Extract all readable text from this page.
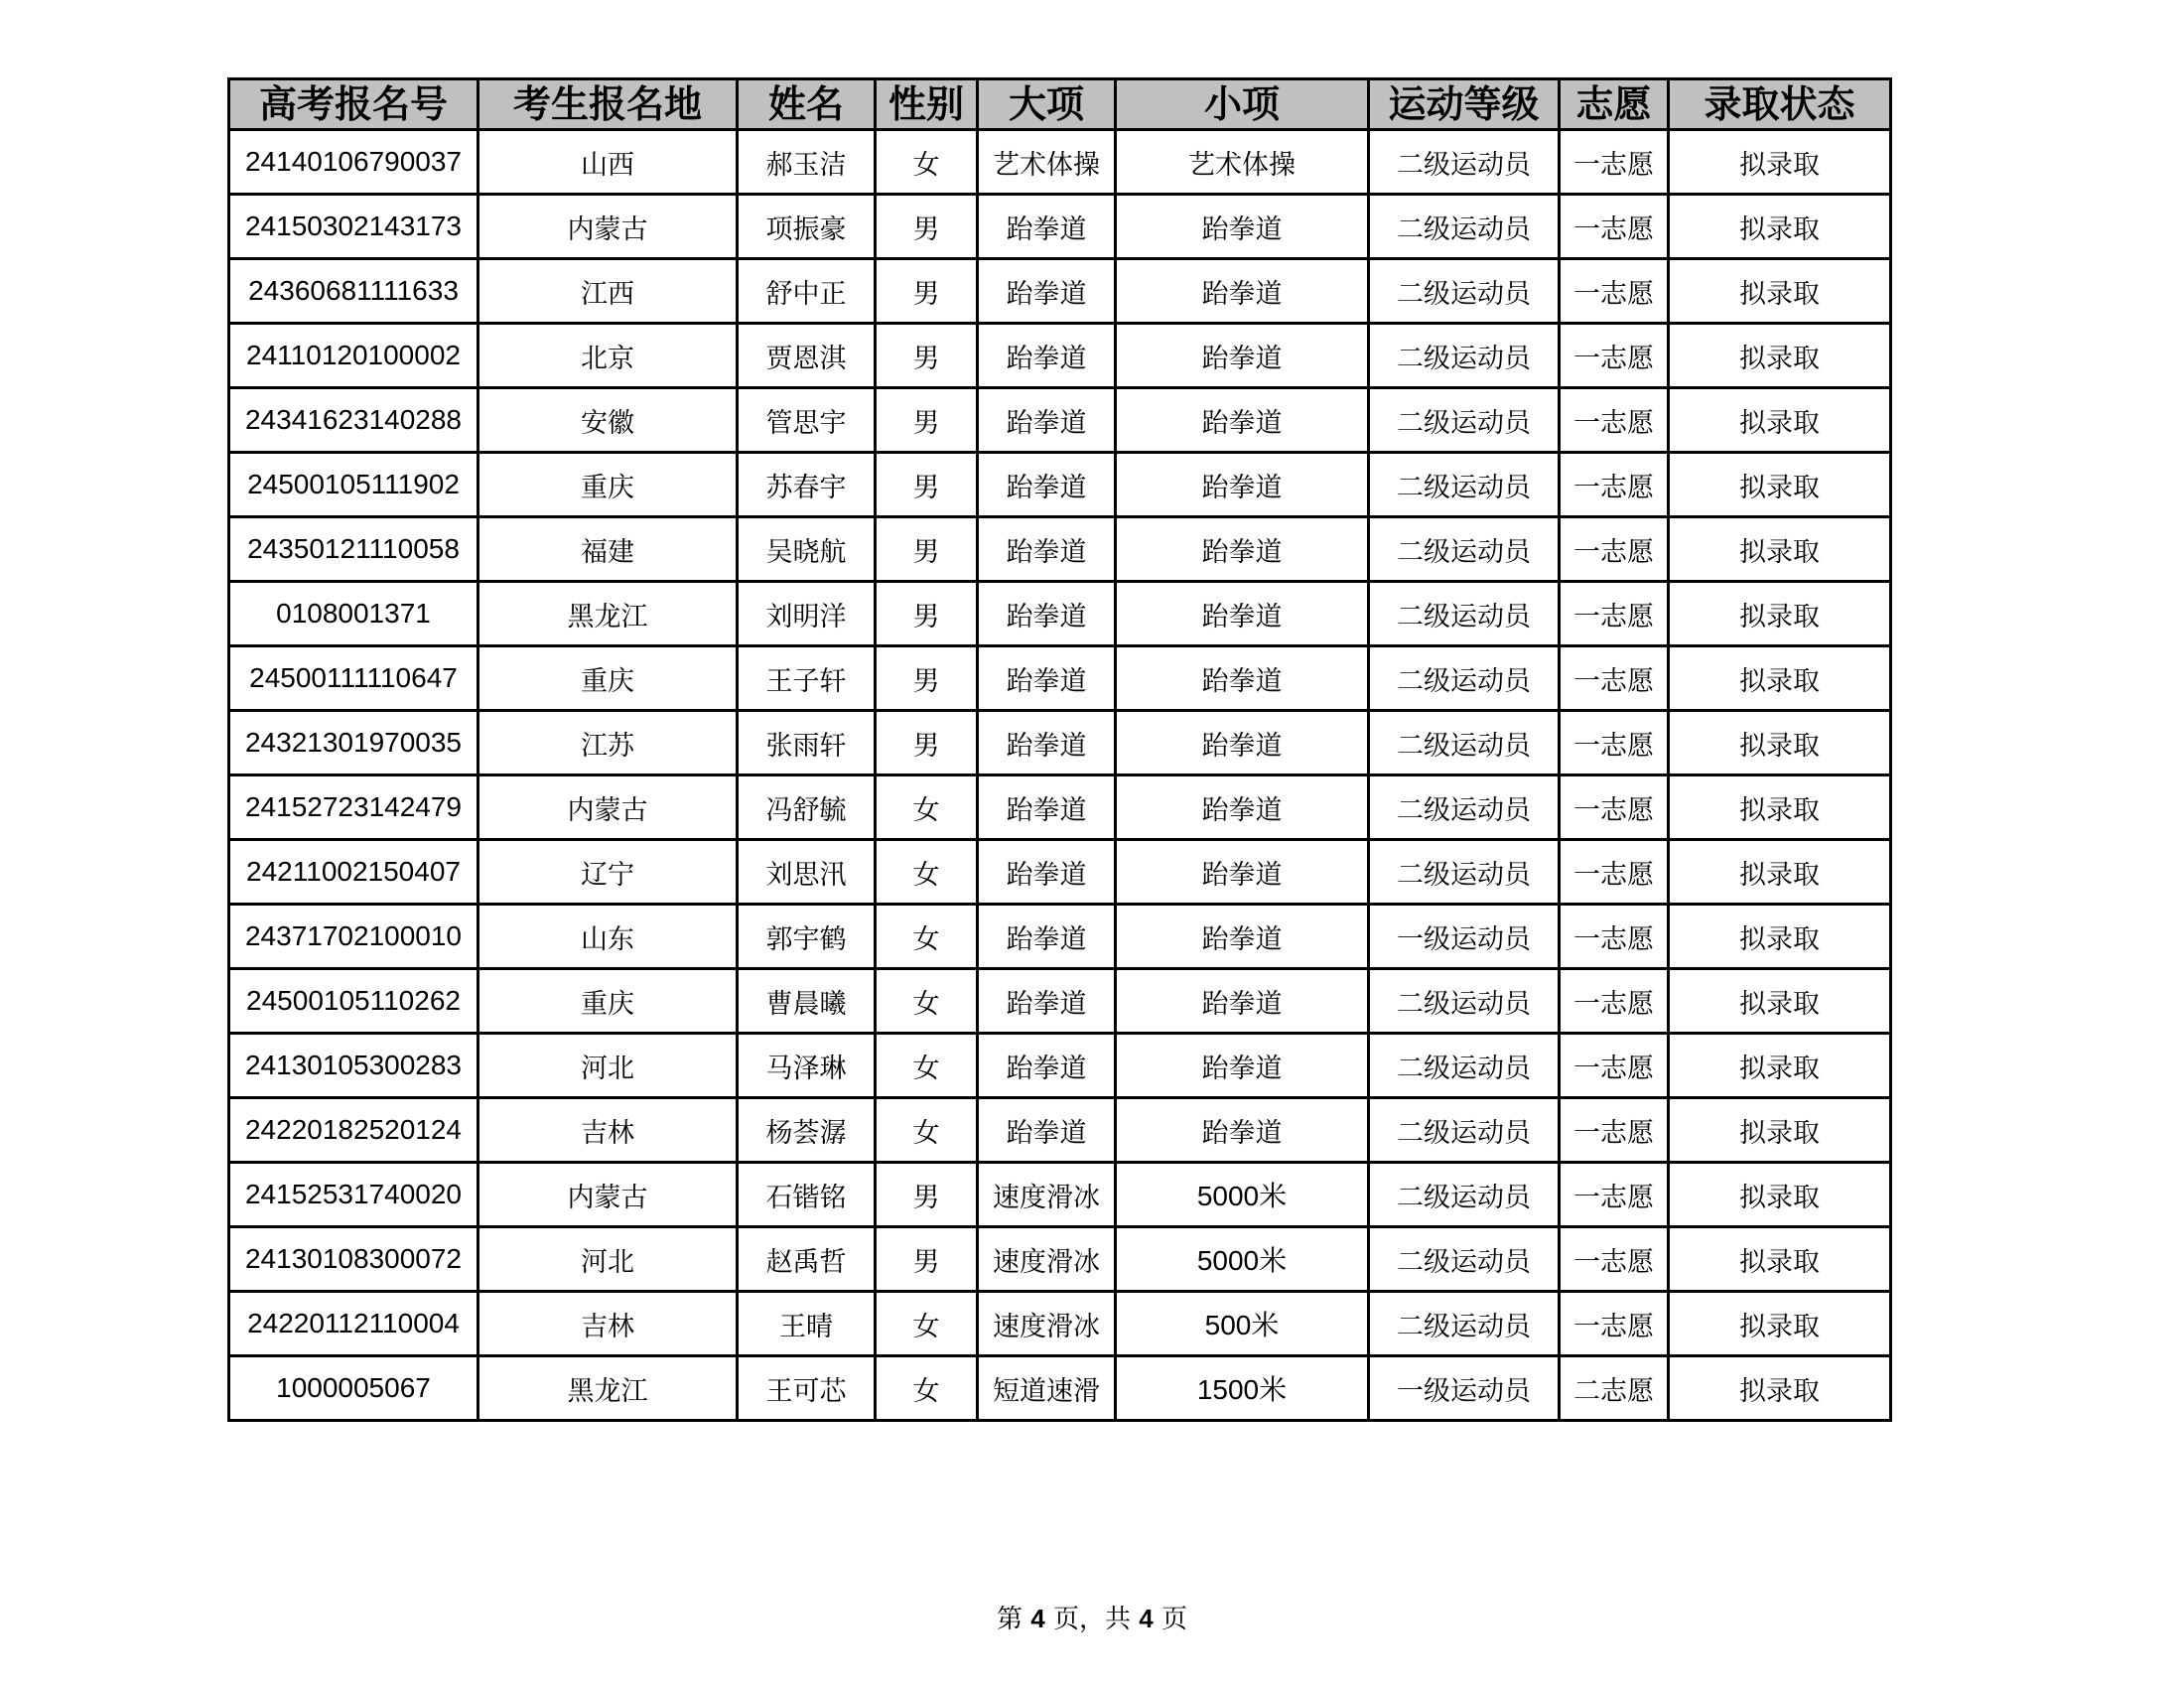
高考报名号	考生报名地	姓名	性别	大项	小项	运动等级	志愿	录取状态
24140106790037	山西	郝玉洁	女	艺术体操	艺术体操	二级运动员	一志愿	拟录取
24150302143173	内蒙古	项振豪	男	跆拳道	跆拳道	二级运动员	一志愿	拟录取
24360681111633	江西	舒中正	男	跆拳道	跆拳道	二级运动员	一志愿	拟录取
24110120100002	北京	贾恩淇	男	跆拳道	跆拳道	二级运动员	一志愿	拟录取
24341623140288	安徽	管思宇	男	跆拳道	跆拳道	二级运动员	一志愿	拟录取
24500105111902	重庆	苏春宇	男	跆拳道	跆拳道	二级运动员	一志愿	拟录取
24350121110058	福建	吴晓航	男	跆拳道	跆拳道	二级运动员	一志愿	拟录取
0108001371	黑龙江	刘明洋	男	跆拳道	跆拳道	二级运动员	一志愿	拟录取
24500111110647	重庆	王子轩	男	跆拳道	跆拳道	二级运动员	一志愿	拟录取
24321301970035	江苏	张雨轩	男	跆拳道	跆拳道	二级运动员	一志愿	拟录取
24152723142479	内蒙古	冯舒毓	女	跆拳道	跆拳道	二级运动员	一志愿	拟录取
24211002150407	辽宁	刘思汛	女	跆拳道	跆拳道	二级运动员	一志愿	拟录取
24371702100010	山东	郭宇鹤	女	跆拳道	跆拳道	一级运动员	一志愿	拟录取
24500105110262	重庆	曹晨曦	女	跆拳道	跆拳道	二级运动员	一志愿	拟录取
24130105300283	河北	马泽琳	女	跆拳道	跆拳道	二级运动员	一志愿	拟录取
24220182520124	吉林	杨荟潺	女	跆拳道	跆拳道	二级运动员	一志愿	拟录取
24152531740020	内蒙古	石锴铭	男	速度滑冰	5000米	二级运动员	一志愿	拟录取
24130108300072	河北	赵禹哲	男	速度滑冰	5000米	二级运动员	一志愿	拟录取
24220112110004	吉林	王晴	女	速度滑冰	500米	二级运动员	一志愿	拟录取
1000005067	黑龙江	王可芯	女	短道速滑	1500米	一级运动员	二志愿	拟录取
第 4 页，共 4 页
